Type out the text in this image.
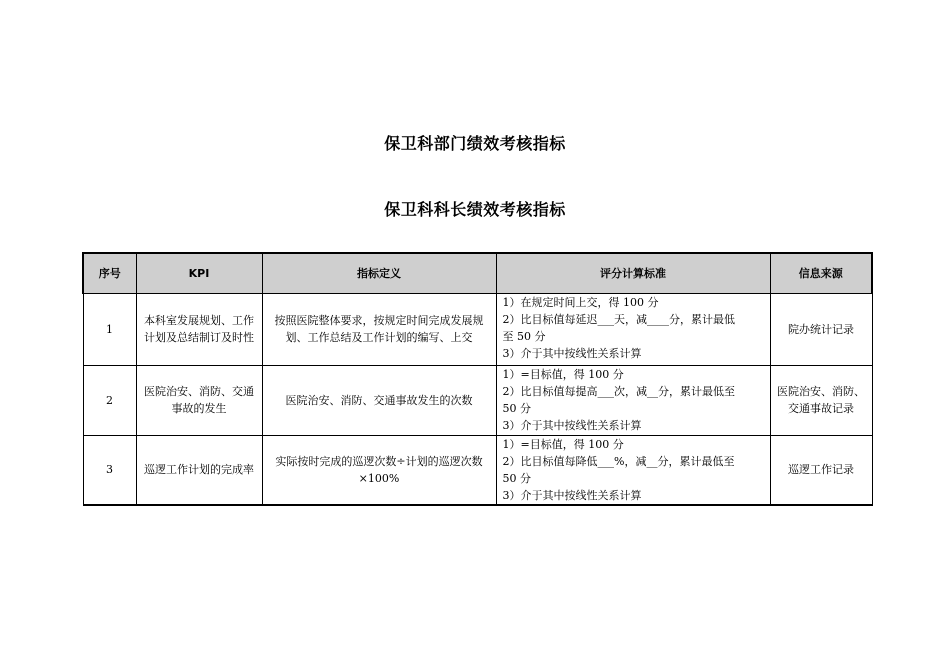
保卫科部门绩效考核指标
保卫科科长绩效考核指标
序号	KPI	指标定义	评分计算标准	信息来源
1	本科室发展规划、工作计划及总结制订及时性	按照医院整体要求，按规定时间完成发展规划、工作总结及工作计划的编写、上交	1）在规定时间上交，得 100 分
2）比目标值每延迟___天，减____分，累计最低
至 50 分
3）介于其中按线性关系计算	院办统计记录
2	医院治安、消防、交通事故的发生	医院治安、消防、交通事故发生的次数	1）=目标值，得 100 分
2）比目标值每提高___次，减__分，累计最低至
50 分
3）介于其中按线性关系计算	医院治安、消防、交通事故记录
3	巡逻工作计划的完成率	实际按时完成的巡逻次数÷计划的巡逻次数×100%	1）=目标值，得 100 分
2）比目标值每降低___%，减__分，累计最低至
50 分
3）介于其中按线性关系计算	巡逻工作记录
